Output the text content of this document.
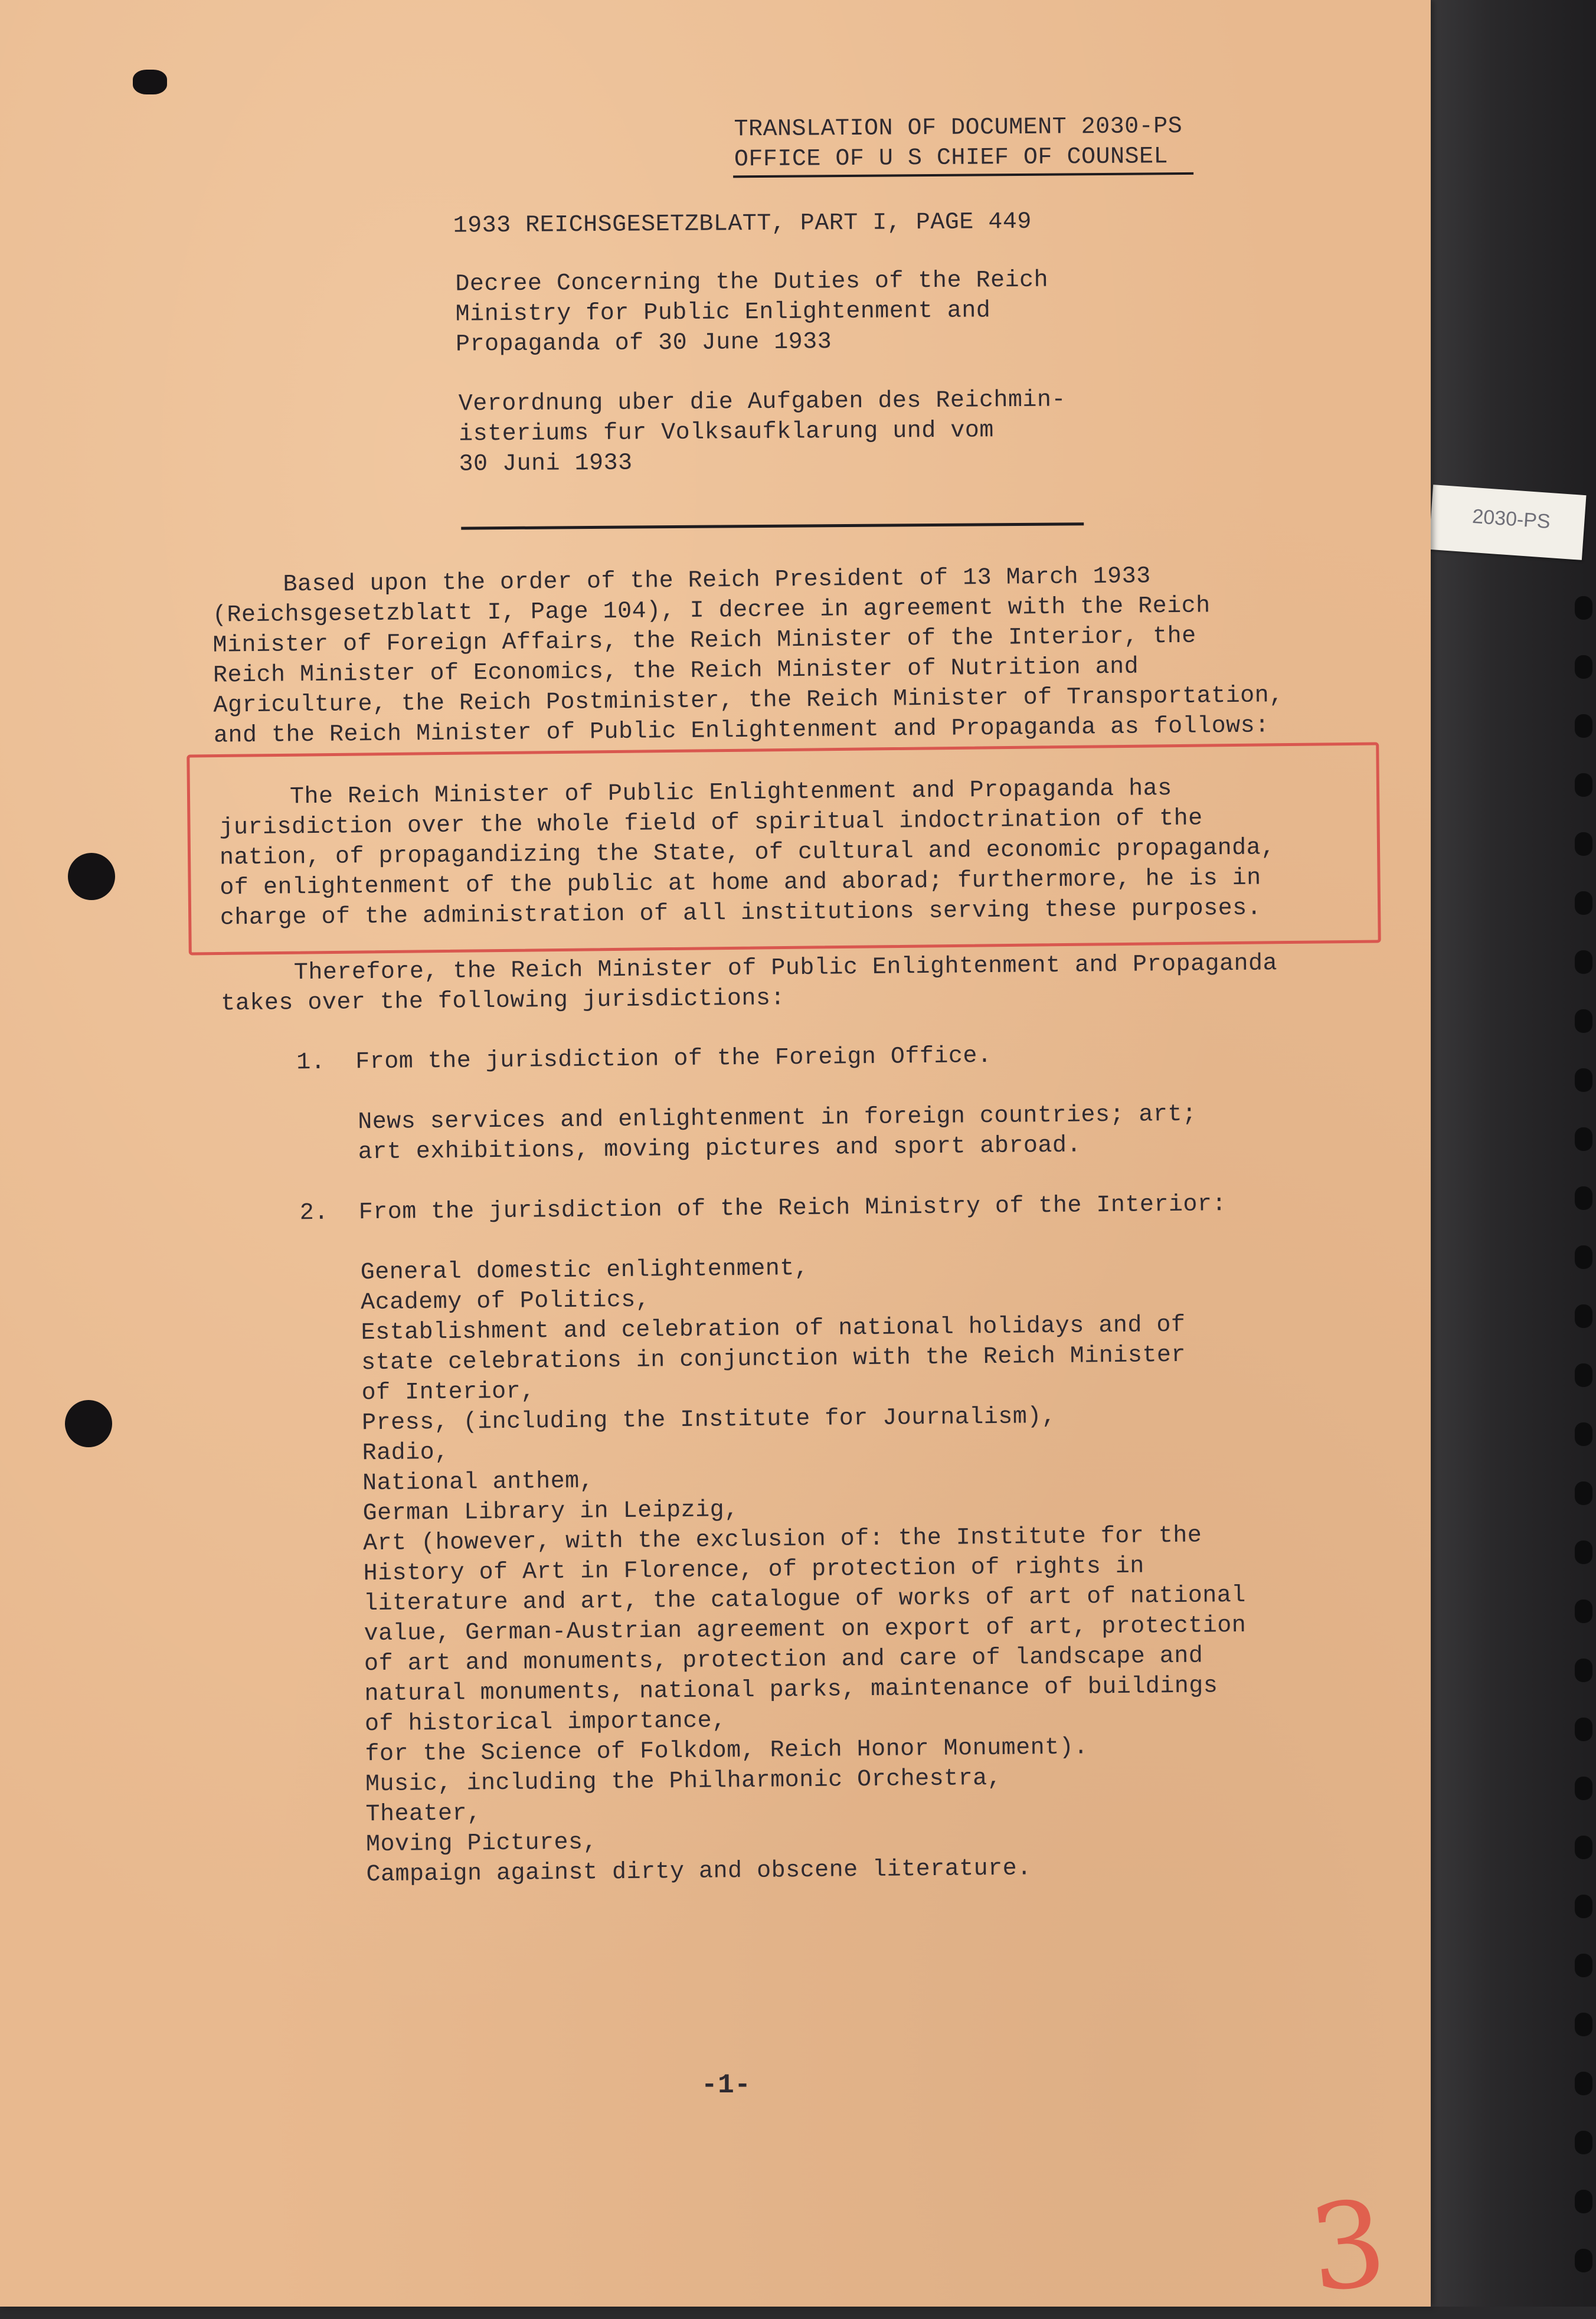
2030-PS

TRANSLATION OF DOCUMENT 2030-PS

OFFICE OF U S CHIEF OF COUNSEL

1933 REICHSGESETZBLATT, PART I, PAGE 449

Decree Concerning the Duties of the Reich

Ministry for Public Enlightenment and

Propaganda of 30 June 1933

Verordnung uber die Aufgaben des Reichmin-

isteriums fur Volksaufklarung und vom

30 Juni 1933

Based upon the order of the Reich President of 13 March 1933

(Reichsgesetzblatt I, Page 104), I decree in agreement with the Reich

Minister of Foreign Affairs, the Reich Minister of the Interior, the

Reich Minister of Economics, the Reich Minister of Nutrition and

Agriculture, the Reich Postminister, the Reich Minister of Transportation,

and the Reich Minister of Public Enlightenment and Propaganda as follows:

The Reich Minister of Public Enlightenment and Propaganda has

jurisdiction over the whole field of spiritual indoctrination of the

nation, of propagandizing the State, of cultural and economic propaganda,

of enlightenment of the public at home and aborad; furthermore, he is in

charge of the administration of all institutions serving these purposes.

Therefore, the Reich Minister of Public Enlightenment and Propaganda

takes over the following jurisdictions:

1. From the jurisdiction of the Foreign Office.

News services and enlightenment in foreign countries; art;

art exhibitions, moving pictures and sport abroad.

2. From the jurisdiction of the Reich Ministry of the Interior:

General domestic enlightenment,

Academy of Politics,

Establishment and celebration of national holidays and of

state celebrations in conjunction with the Reich Minister

of Interior,

Press, (including the Institute for Journalism),

Radio,

National anthem,

German Library in Leipzig,

Art (however, with the exclusion of: the Institute for the

History of Art in Florence, of protection of rights in

literature and art, the catalogue of works of art of national

value, German-Austrian agreement on export of art, protection

of art and monuments, protection and care of landscape and

natural monuments, national parks, maintenance of buildings

of historical importance,

for the Science of Folkdom, Reich Honor Monument).

Music, including the Philharmonic Orchestra,

Theater,

Moving Pictures,

Campaign against dirty and obscene literature.

-1-

3
